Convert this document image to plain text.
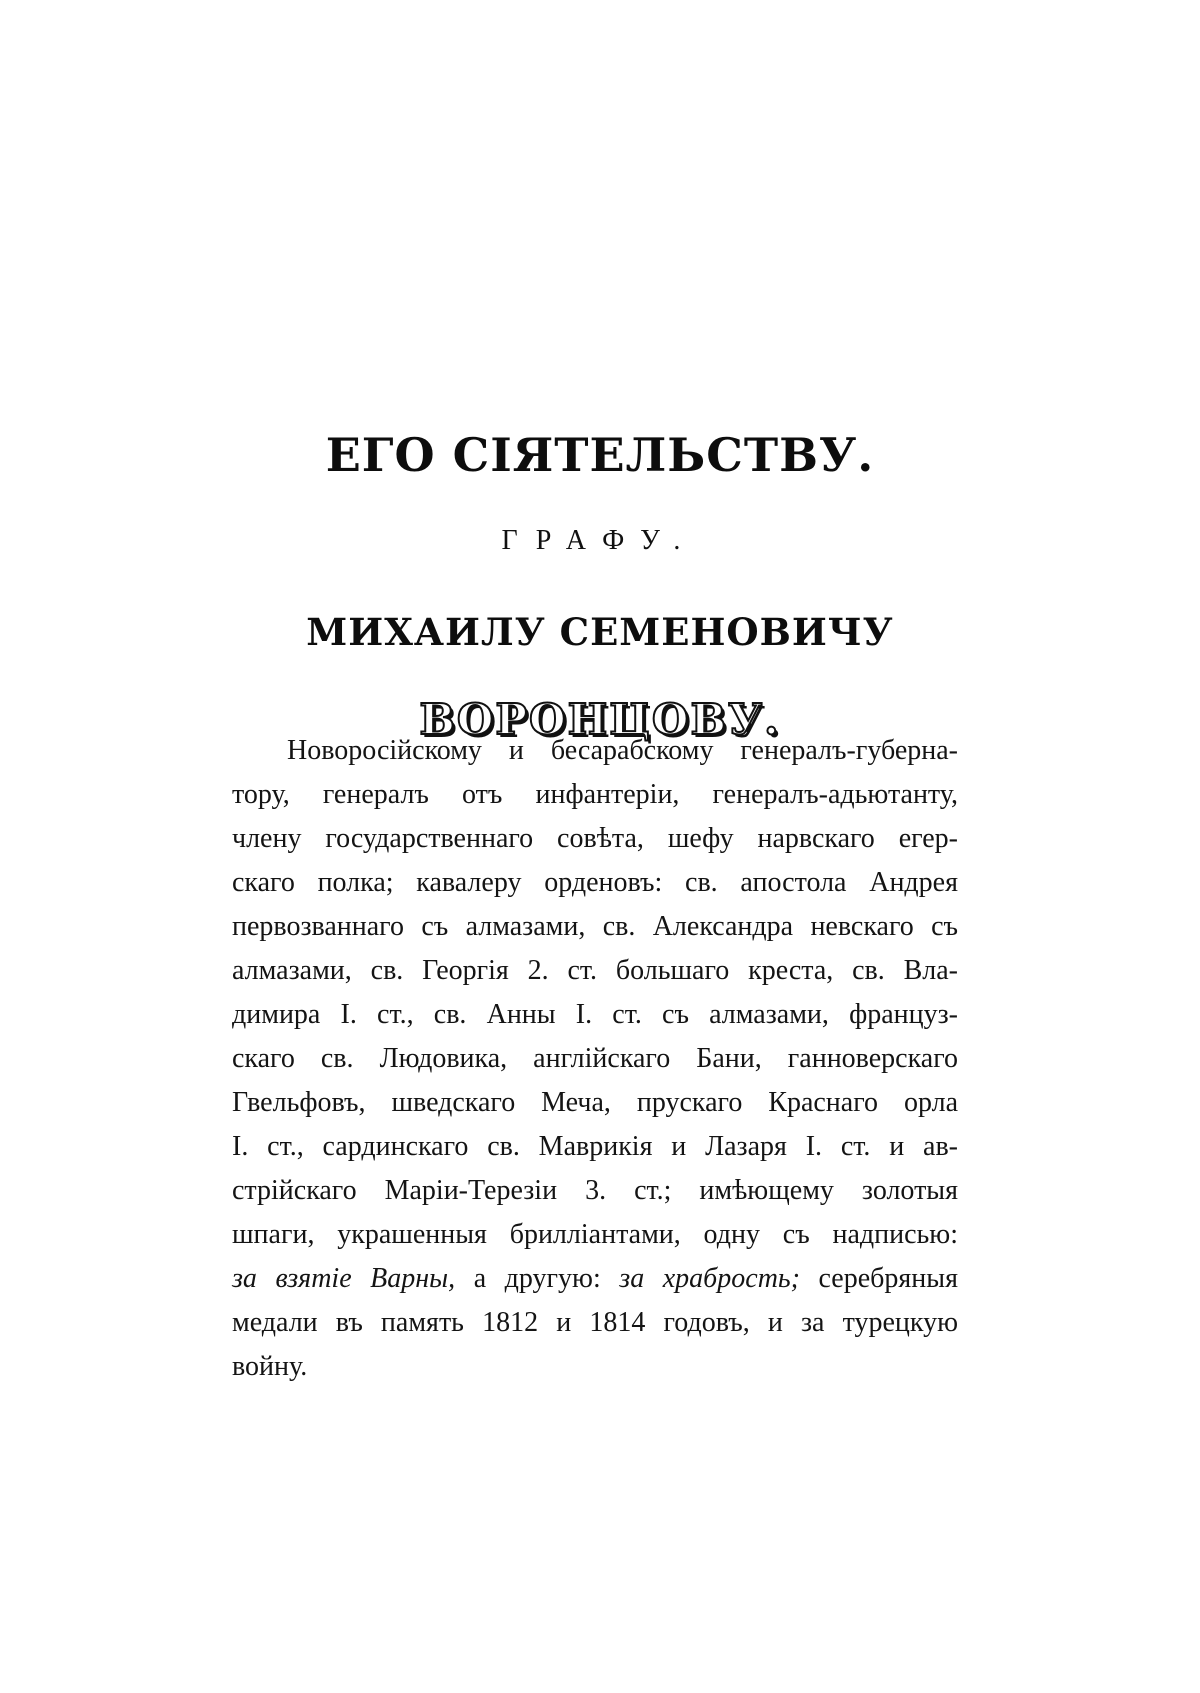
ЕГО СIЯТЕЛЬСТВУ.
ГРАФУ.
МИХАИЛУ СЕМЕНОВИЧУ
ВОРОНЦОВУ.
Новоросiйскому и бесарабскому генералъ-губерна-
тору, генералъ отъ инфантерiи, генералъ-адьютанту,
члену государственнаго совѣта, шефу нарвскаго егер-
скаго полка; кавалеру орденовъ: св. апостола Андрея
первозваннаго съ алмазами, св. Александра невскаго съ
алмазами, св. Георгiя 2. ст. большаго креста, св. Вла-
димира I. ст., св. Анны I. ст. съ алмазами, француз-
скаго св. Людовика, англiйскаго Бани, ганноверскаго
Гвельфовъ, шведскаго Меча, прускаго Краснаго орла
I. ст., сардинскаго св. Маврикiя и Лазаря I. ст. и ав-
стрiйскаго Марiи-Терезiи 3. ст.; имѣющему золотыя
шпаги, украшенныя брилліантами, одну съ надписью:
за взятiе Варны, а другую: за храбрость; серебряныя
медали въ память 1812 и 1814 годовъ, и за турецкую
войну.
